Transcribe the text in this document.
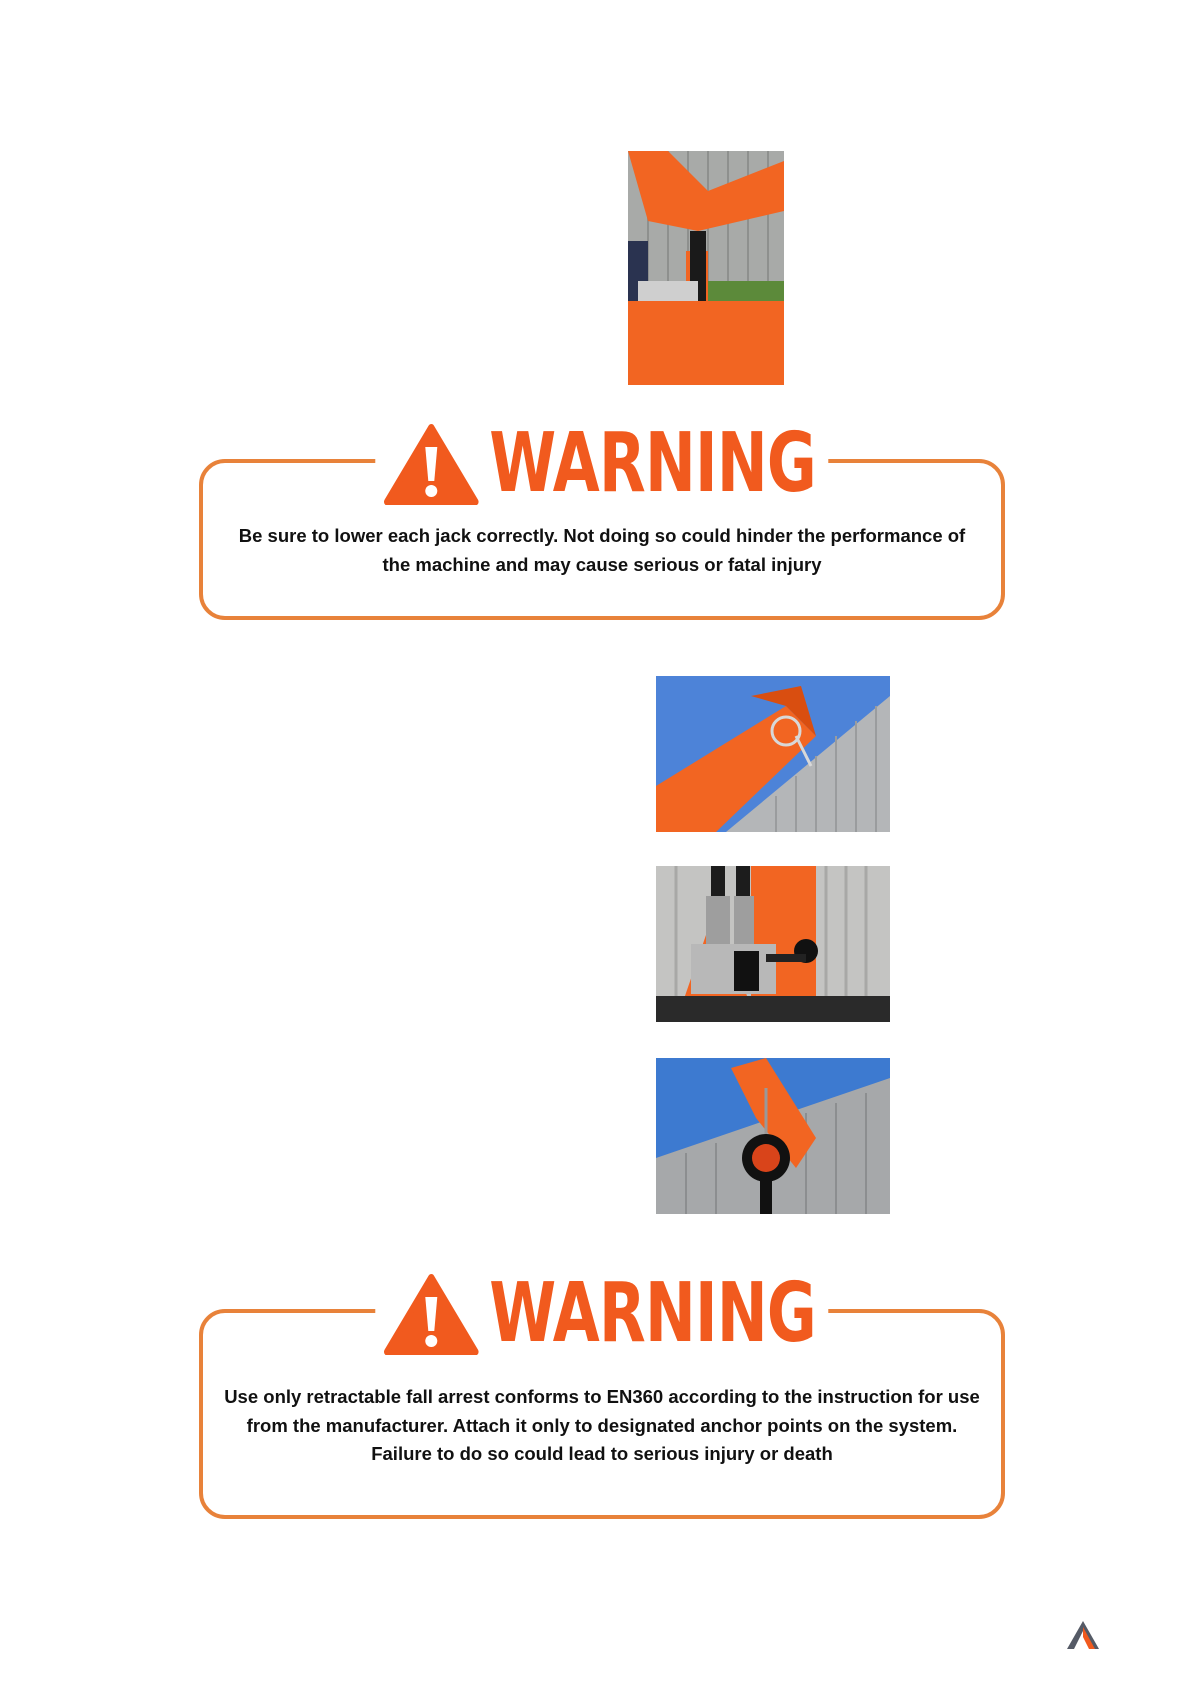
WARNING
Be sure to lower each jack correctly. Not doing so could hinder the performance of the machine and may cause serious or fatal injury
WARNING
Use only retractable fall arrest conforms to EN360 according to the instruction for use from the manufacturer. Attach it only to designated anchor points on the system. Failure to do so could lead to serious injury or death
